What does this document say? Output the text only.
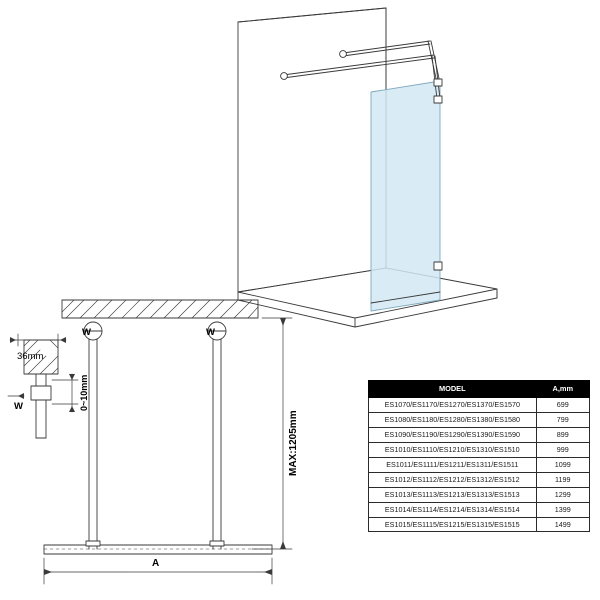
36mm
W	W
W
A
MAX:1205mm
0~10mm	MODEL	A,mm
ES1070/ES1170/ES1270/ES1370/ES1570	699
ES1080/ES1180/ES1280/ES1380/ES1580	799
ES1090/ES1190/ES1290/ES1390/ES1590	899
ES1010/ES1110/ES1210/ES1310/ES1510	999
ES1011/ES1111/ES1211/ES1311/ES1511	1099
ES1012/ES1112/ES1212/ES1312/ES1512	1199
ES1013/ES1113/ES1213/ES1313/ES1513	1299
ES1014/ES1114/ES1214/ES1314/ES1514	1399
ES1015/ES1115/ES1215/ES1315/ES1515	1499
